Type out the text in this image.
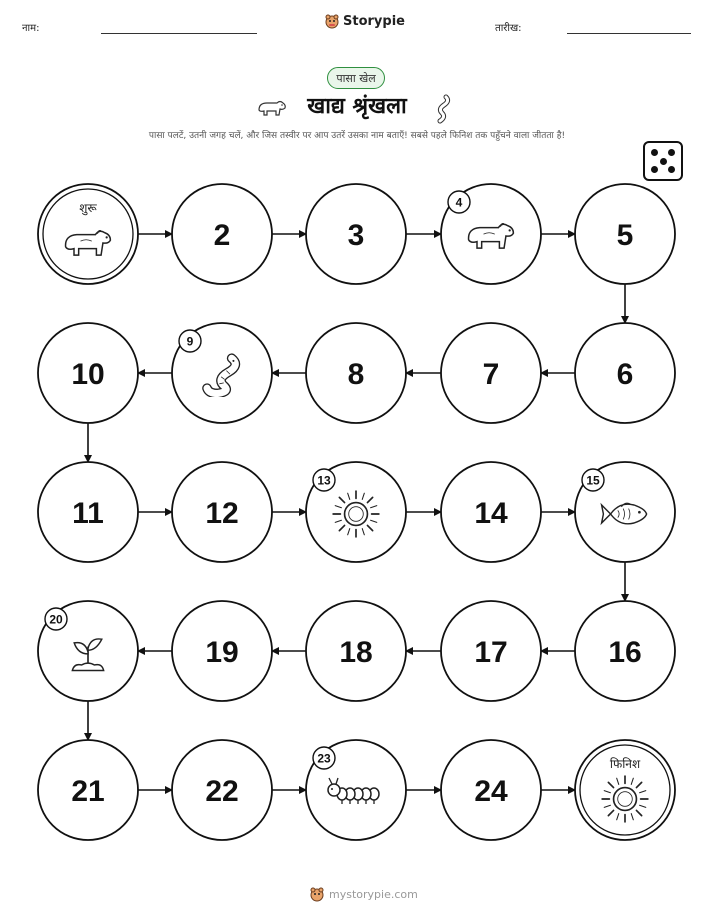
नाम:	Storypie	तारीख:
पासा खेल
खाद्य श्रृंखला
पासा पलटें, उतनी जगह चलें, और जिस तस्वीर पर आप उतरें उसका नाम बताएँ! सबसे पहले फिनिश तक पहुँचने वाला जीतता है!
शुरू
2	3
4
5
6
7
8
9
10
11	12
13
14
15
16
17
18
19
20
21	22
23
24
फिनिश
mystorypie.com
